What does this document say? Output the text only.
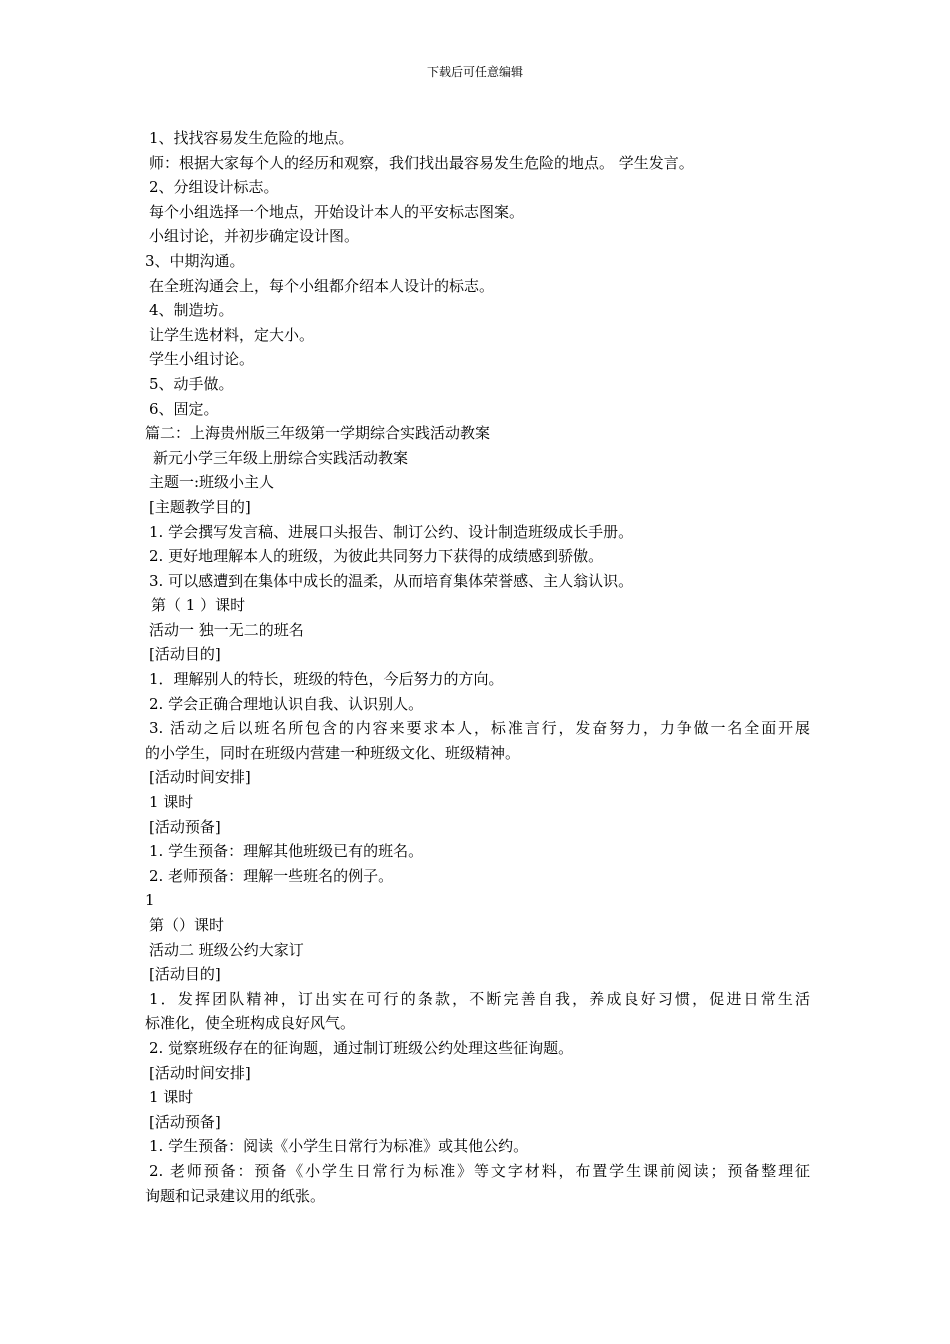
下载后可任意编辑
1、找找容易发生危险的地点。
师：根据大家每个人的经历和观察，我们找出最容易发生危险的地点。 学生发言。
2、分组设计标志。
每个小组选择一个地点，开始设计本人的平安标志图案。
小组讨论，并初步确定设计图。
3、中期沟通。
在全班沟通会上，每个小组都介绍本人设计的标志。
4、制造坊。
让学生选材料，定大小。
学生小组讨论。
5、动手做。
6、固定。
篇二：上海贵州版三年级第一学期综合实践活动教案
新元小学三年级上册综合实践活动教案
主题一:班级小主人
[主题教学目的]
1. 学会撰写发言稿、进展口头报告、制订公约、设计制造班级成长手册。
2. 更好地理解本人的班级，为彼此共同努力下获得的成绩感到骄傲。
3. 可以感遭到在集体中成长的温柔，从而培育集体荣誉感、主人翁认识。
第（ 1 ）课时
活动一 独一无二的班名
[活动目的]
1．理解别人的特长，班级的特色，今后努力的方向。
2. 学会正确合理地认识自我、认识别人。
3. 活动之后以班名所包含的内容来要求本人，标准言行，发奋努力，力争做一名全面开展
的小学生，同时在班级内营建一种班级文化、班级精神。
[活动时间安排]
1 课时
[活动预备]
1. 学生预备：理解其他班级已有的班名。
2. 老师预备：理解一些班名的例子。
1
第（）课时
活动二 班级公约大家订
[活动目的]
1．发挥团队精神，订出实在可行的条款，不断完善自我，养成良好习惯，促进日常生活
标准化，使全班构成良好风气。
2. 觉察班级存在的征询题，通过制订班级公约处理这些征询题。
[活动时间安排]
1 课时
[活动预备]
1. 学生预备：阅读《小学生日常行为标准》或其他公约。
2. 老师预备：预备《小学生日常行为标准》等文字材料，布置学生课前阅读；预备整理征
询题和记录建议用的纸张。
